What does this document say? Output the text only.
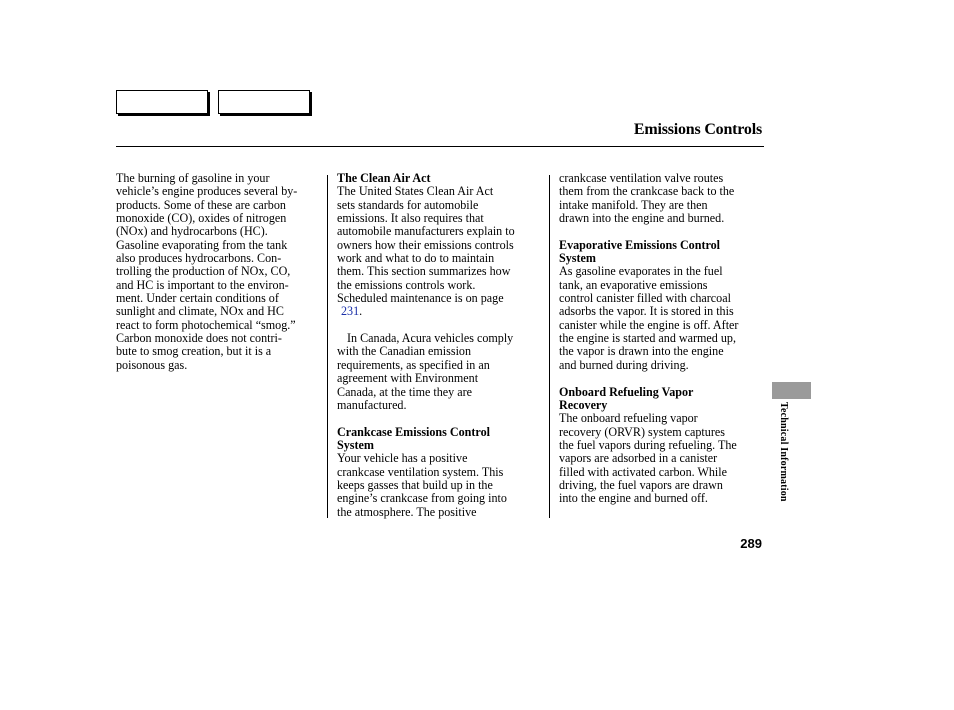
Emissions Controls
The burning of gasoline in your
vehicle’s engine produces several by-
products. Some of these are carbon
monoxide (CO), oxides of nitrogen
(NOx) and hydrocarbons (HC).
Gasoline evaporating from the tank
also produces hydrocarbons. Con-
trolling the production of NOx, CO,
and HC is important to the environ-
ment. Under certain conditions of
sunlight and climate, NOx and HC
react to form photochemical “smog.”
Carbon monoxide does not contri-
bute to smog creation, but it is a
poisonous gas.
The Clean Air Act
The United States Clean Air Act
sets standards for automobile
emissions. It also requires that
automobile manufacturers explain to
owners how their emissions controls
work and what to do to maintain
them. This section summarizes how
the emissions controls work.
Scheduled maintenance is on page
231.
In Canada, Acura vehicles comply
with the Canadian emission
requirements, as specified in an
agreement with Environment
Canada, at the time they are
manufactured.
Crankcase Emissions Control
System
Your vehicle has a positive
crankcase ventilation system. This
keeps gasses that build up in the
engine’s crankcase from going into
the atmosphere. The positive
crankcase ventilation valve routes
them from the crankcase back to the
intake manifold. They are then
drawn into the engine and burned.
Evaporative Emissions Control
System
As gasoline evaporates in the fuel
tank, an evaporative emissions
control canister filled with charcoal
adsorbs the vapor. It is stored in this
canister while the engine is off. After
the engine is started and warmed up,
the vapor is drawn into the engine
and burned during driving.
Onboard Refueling Vapor
Recovery
The onboard refueling vapor
recovery (ORVR) system captures
the fuel vapors during refueling. The
vapors are adsorbed in a canister
filled with activated carbon. While
driving, the fuel vapors are drawn
into the engine and burned off.	Technical Information
289
